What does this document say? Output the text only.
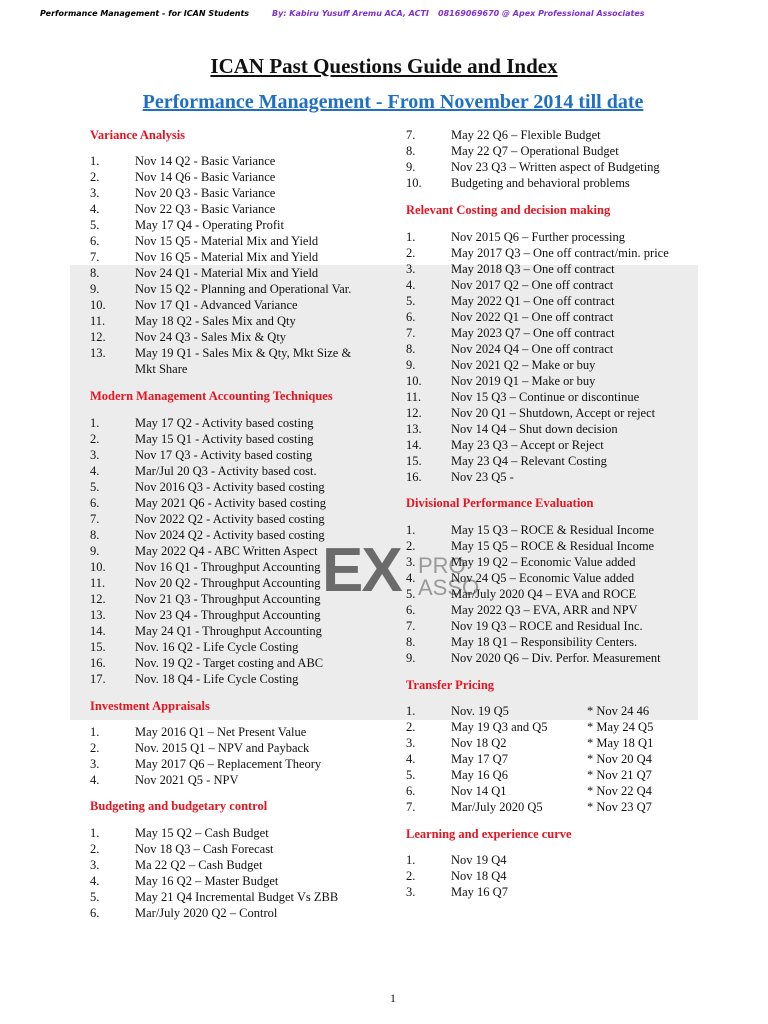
Performance Management - for ICAN Students	By: Kabiru Yusuff Aremu ACA, ACTI 08169069670 @ Apex Professional Associates
ICAN Past Questions Guide and Index
Performance Management - From November 2014 till date
EX PRO
ASSO
Variance Analysis
1.	Nov 14 Q2 - Basic Variance
2.	Nov 14 Q6 - Basic Variance
3.	Nov 20 Q3 - Basic Variance
4.	Nov 22 Q3 - Basic Variance
5.	May 17 Q4 - Operating Profit
6.	Nov 15 Q5 - Material Mix and Yield
7.	Nov 16 Q5 - Material Mix and Yield
8.	Nov 24 Q1 - Material Mix and Yield
9.	Nov 15 Q2 - Planning and Operational Var.
10.	Nov 17 Q1 - Advanced Variance
11.	May 18 Q2 - Sales Mix and Qty
12.	Nov 24 Q3 - Sales Mix & Qty
13.	May 19 Q1 - Sales Mix & Qty, Mkt Size & Mkt Share
Modern Management Accounting Techniques
1.	May 17 Q2 - Activity based costing
2.	May 15 Q1 - Activity based costing
3.	Nov 17 Q3 - Activity based costing
4.	Mar/Jul 20 Q3 - Activity based cost.
5.	Nov 2016 Q3 - Activity based costing
6.	May 2021 Q6 - Activity based costing
7.	Nov 2022 Q2 - Activity based costing
8.	Nov 2024 Q2 - Activity based costing
9.	May 2022 Q4 - ABC Written Aspect
10.	Nov 16 Q1 - Throughput Accounting
11.	Nov 20 Q2 - Throughput Accounting
12.	Nov 21 Q3 - Throughput Accounting
13.	Nov 23 Q4 - Throughput Accounting
14.	May 24 Q1 - Throughput Accounting
15.	Nov. 16 Q2 - Life Cycle Costing
16.	Nov. 19 Q2 - Target costing and ABC
17.	Nov. 18 Q4 - Life Cycle Costing
Investment Appraisals
1.	May 2016 Q1 – Net Present Value
2.	Nov. 2015 Q1 – NPV and Payback
3.	May 2017 Q6 – Replacement Theory
4.	Nov 2021 Q5 - NPV
Budgeting and budgetary control
1.	May 15 Q2 – Cash Budget
2.	Nov 18 Q3 – Cash Forecast
3.	Ma 22 Q2 – Cash Budget
4.	May 16 Q2 – Master Budget
5.	May 21 Q4 Incremental Budget Vs ZBB
6.	Mar/July 2020 Q2 – Control
7.	May 22 Q6 – Flexible Budget
8.	May 22 Q7 – Operational Budget
9.	Nov 23 Q3 – Written aspect of Budgeting
10.	Budgeting and behavioral problems
Relevant Costing and decision making
1.	Nov 2015 Q6 – Further processing
2.	May 2017 Q3 – One off contract/min. price
3.	May 2018 Q3 – One off contract
4.	Nov 2017 Q2 – One off contract
5.	May 2022 Q1 – One off contract
6.	Nov 2022 Q1 – One off contract
7.	May 2023 Q7 – One off contract
8.	Nov 2024 Q4 – One off contract
9.	Nov 2021 Q2 – Make or buy
10.	Nov 2019 Q1 – Make or buy
11.	Nov 15 Q3 – Continue or discontinue
12.	Nov 20 Q1 – Shutdown, Accept or reject
13.	Nov 14 Q4 – Shut down decision
14.	May 23 Q3 – Accept or Reject
15.	May 23 Q4 – Relevant Costing
16.	Nov 23 Q5 -
Divisional Performance Evaluation
1.	May 15 Q3 – ROCE & Residual Income
2.	May 15 Q5 – ROCE & Residual Income
3.	May 19 Q2 – Economic Value added
4.	Nov 24 Q5 – Economic Value added
5.	Mar/July 2020 Q4 – EVA and ROCE
6.	May 2022 Q3 – EVA, ARR and NPV
7.	Nov 19 Q3 – ROCE and Residual Inc.
8.	May 18 Q1 – Responsibility Centers.
9.	Nov 2020 Q6 – Div. Perfor. Measurement
Transfer Pricing
1.	Nov. 19 Q5	* Nov 24 46
2.	May 19 Q3 and Q5	* May 24 Q5
3.	Nov 18 Q2	* May 18 Q1
4.	May 17 Q7	* Nov 20 Q4
5.	May 16 Q6	* Nov 21 Q7
6.	Nov 14 Q1	* Nov 22 Q4
7.	Mar/July 2020 Q5	* Nov 23 Q7
Learning and experience curve
1.	Nov 19 Q4
2.	Nov 18 Q4
3.	May 16 Q7
1
